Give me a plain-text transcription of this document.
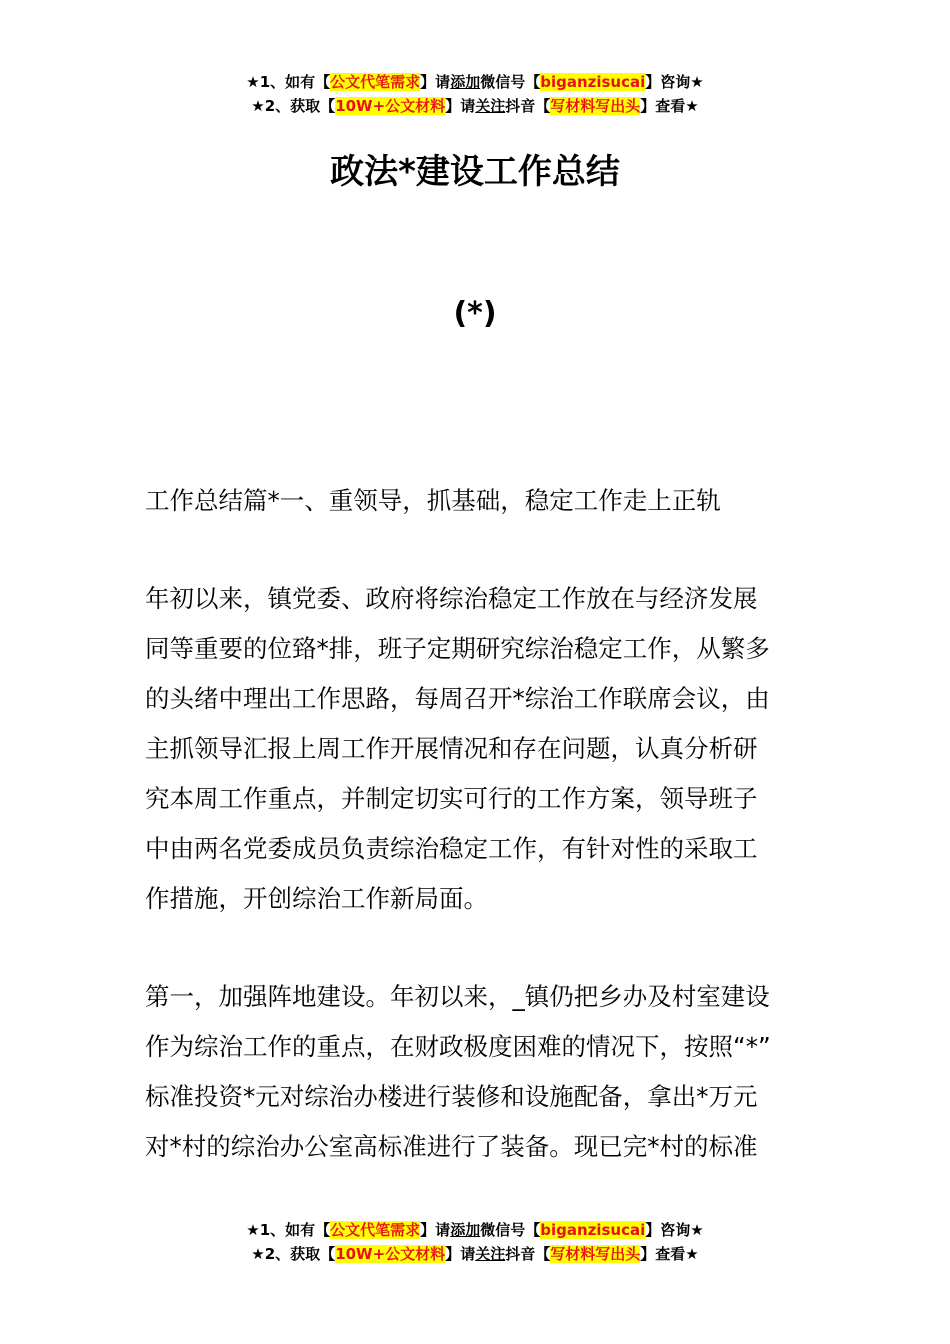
★1、如有【公文代笔需求】请添加微信号【biganzisucai】咨询★
★2、获取【10W+公文材料】请关注抖音【写材料写出头】查看★
政法*建设工作总结
(*)
工作总结篇*一、重领导，抓基础，稳定工作走上正轨
年初以来，镇党委、政府将综治稳定工作放在与经济发展
同等重要的位臵*排，班子定期研究综治稳定工作，从繁多
的头绪中理出工作思路，每周召开*综治工作联席会议，由
主抓领导汇报上周工作开展情况和存在问题，认真分析研
究本周工作重点，并制定切实可行的工作方案，领导班子
中由两名党委成员负责综治稳定工作，有针对性的采取工
作措施，开创综治工作新局面。
第一，加强阵地建设。年初以来，_镇仍把乡办及村室建设
作为综治工作的重点，在财政极度困难的情况下，按照“*”
标准投资*元对综治办楼进行装修和设施配备，拿出*万元
对*村的综治办公室高标准进行了装备。现已完*村的标准
★1、如有【公文代笔需求】请添加微信号【biganzisucai】咨询★
★2、获取【10W+公文材料】请关注抖音【写材料写出头】查看★
